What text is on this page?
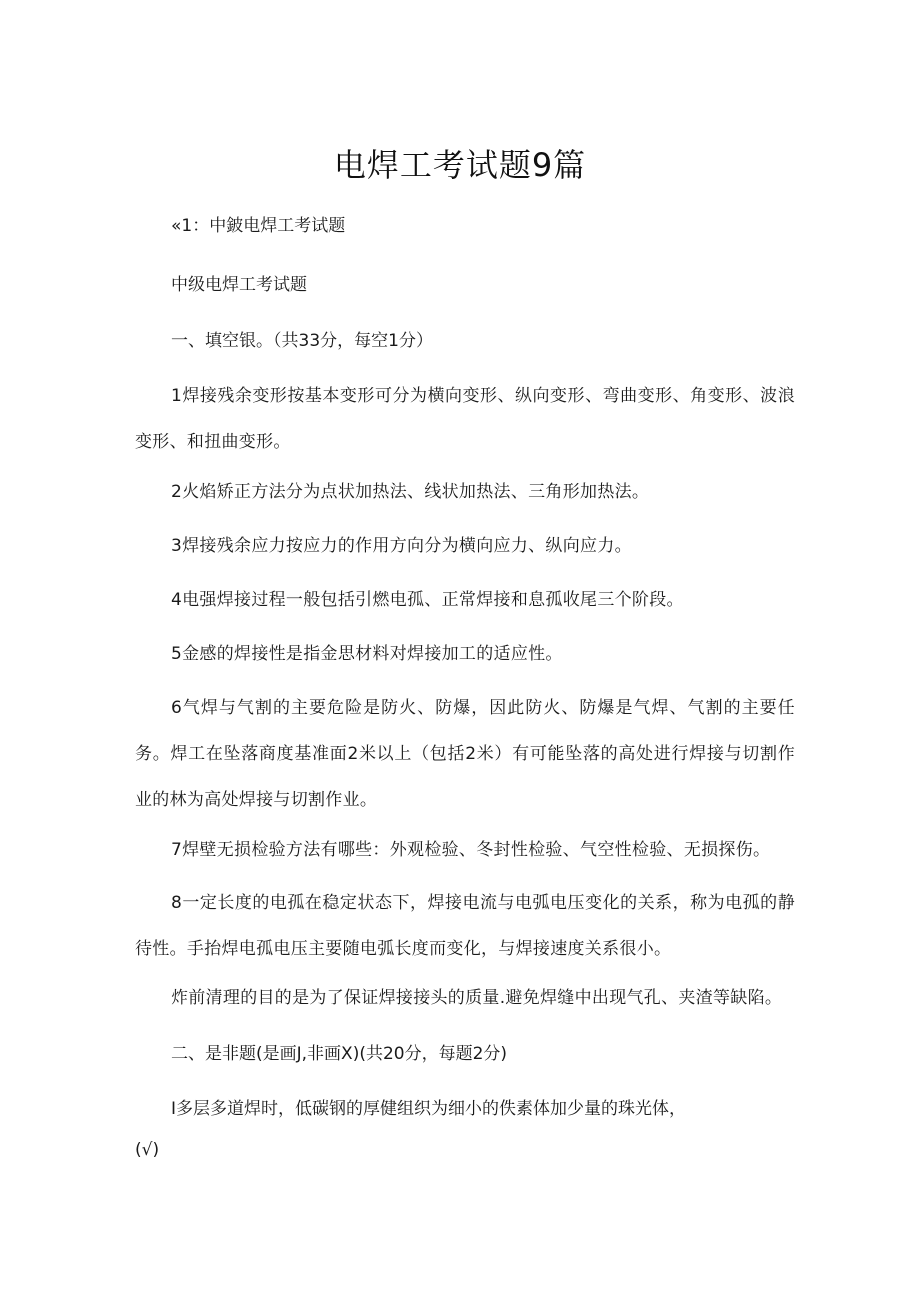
电焊工考试题9篇
«1：中鈹电焊工考试题
中级电焊工考试题
一、填空银。（共33分，每空1分）
1焊接残余变形按基本变形可分为横向变形、纵向变形、弯曲变形、角变形、波浪变形、和扭曲变形。
2火焰矫正方法分为点状加热法、线状加热法、三角形加热法。
3焊接残余应力按应力的作用方向分为横向应力、纵向应力。
4电强焊接过程一般包括引燃电孤、正常焊接和息孤收尾三个阶段。
5金感的焊接性是指金思材料对焊接加工的适应性。
6气焊与气割的主要危险是防火、防爆，因此防火、防爆是气焊、气割的主要任务。焊工在坠落商度基准面2米以上（包括2米）有可能坠落的高处进行焊接与切割作业的林为高处焊接与切割作业。
7焊壁无损检验方法有哪些：外观检验、冬封性检验、气空性检验、无损探伤。
8一定长度的电孤在稳定状态下，焊接电流与电弧电压变化的关系，称为电孤的静待性。手抬焊电孤电压主要随电弧长度而变化，与焊接速度关系很小。
炸前清理的目的是为了保证焊接接头的质量.避免焊缝中出现气孔、夹渣等缺陷。
二、是非题(是画J,非画X)(共20分，每题2分)
I多层多道焊时，低碳钢的厚健组织为细小的佚素体加少量的珠光体，
(√)
